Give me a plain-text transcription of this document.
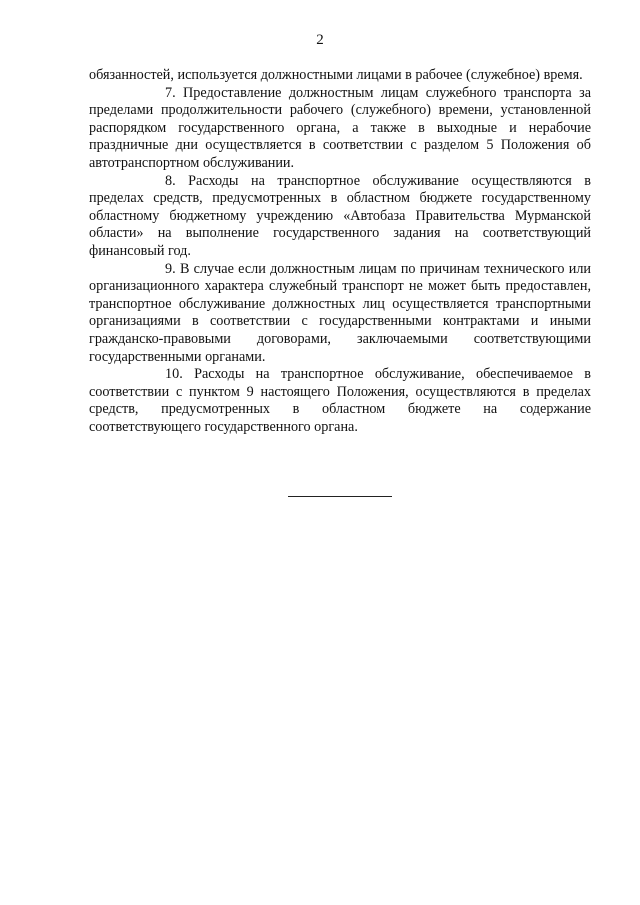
2

обязанностей, используется должностными лицами в рабочее (служебное) время.

7. Предоставление должностным лицам служебного транспорта за пределами продолжительности рабочего (служебного) времени, установленной распорядком государственного органа, а также в выходные и нерабочие праздничные дни осуществляется в соответствии с разделом 5 Положения об автотранспортном обслуживании.

8. Расходы на транспортное обслуживание осуществляются в пределах средств, предусмотренных в областном бюджете государственному областному бюджетному учреждению «Автобаза Правительства Мурманской области» на выполнение государственного задания на соответствующий финансовый год.

9. В случае если должностным лицам по причинам технического или организационного характера служебный транспорт не может быть предоставлен, транспортное обслуживание должностных лиц осуществляется транспортными организациями в соответствии с государственными контрактами и иными гражданско-правовыми договорами, заключаемыми соответствующими государственными органами.

10. Расходы на транспортное обслуживание, обеспечиваемое в соответствии с пунктом 9 настоящего Положения, осуществляются в пределах средств, предусмотренных в областном бюджете на содержание соответствующего государственного органа.
